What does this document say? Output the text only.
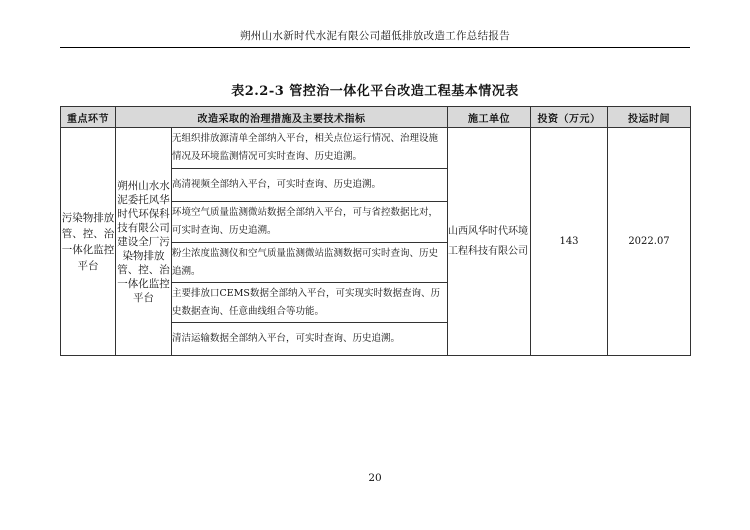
朔州山水新时代水泥有限公司超低排放改造工作总结报告
表2.2-3 管控治一体化平台改造工程基本情况表
重点环节	改造采取的治理措施及主要技术指标		施工单位	投资（万元）	投运时间
污染物排放管、控、治一体化监控平台	朔州山水水泥委托风华时代环保科技有限公司建设全厂污染物排放管、控、治一体化监控平台	无组织排放源清单全部纳入平台，相关点位运行情况、治理设施情况及环境监测情况可实时查询、历史追溯。	山西风华时代环境工程科技有限公司	143	2022.07
		高清视频全部纳入平台，可实时查询、历史追溯。			
		环境空气质量监测微站数据全部纳入平台，可与省控数据比对，可实时查询、历史追溯。			
		粉尘浓度监测仪和空气质量监测微站监测数据可实时查询、历史追溯。			
		主要排放口CEMS数据全部纳入平台，可实现实时数据查询、历史数据查询、任意曲线组合等功能。			
		清洁运输数据全部纳入平台，可实时查询、历史追溯。			
20
